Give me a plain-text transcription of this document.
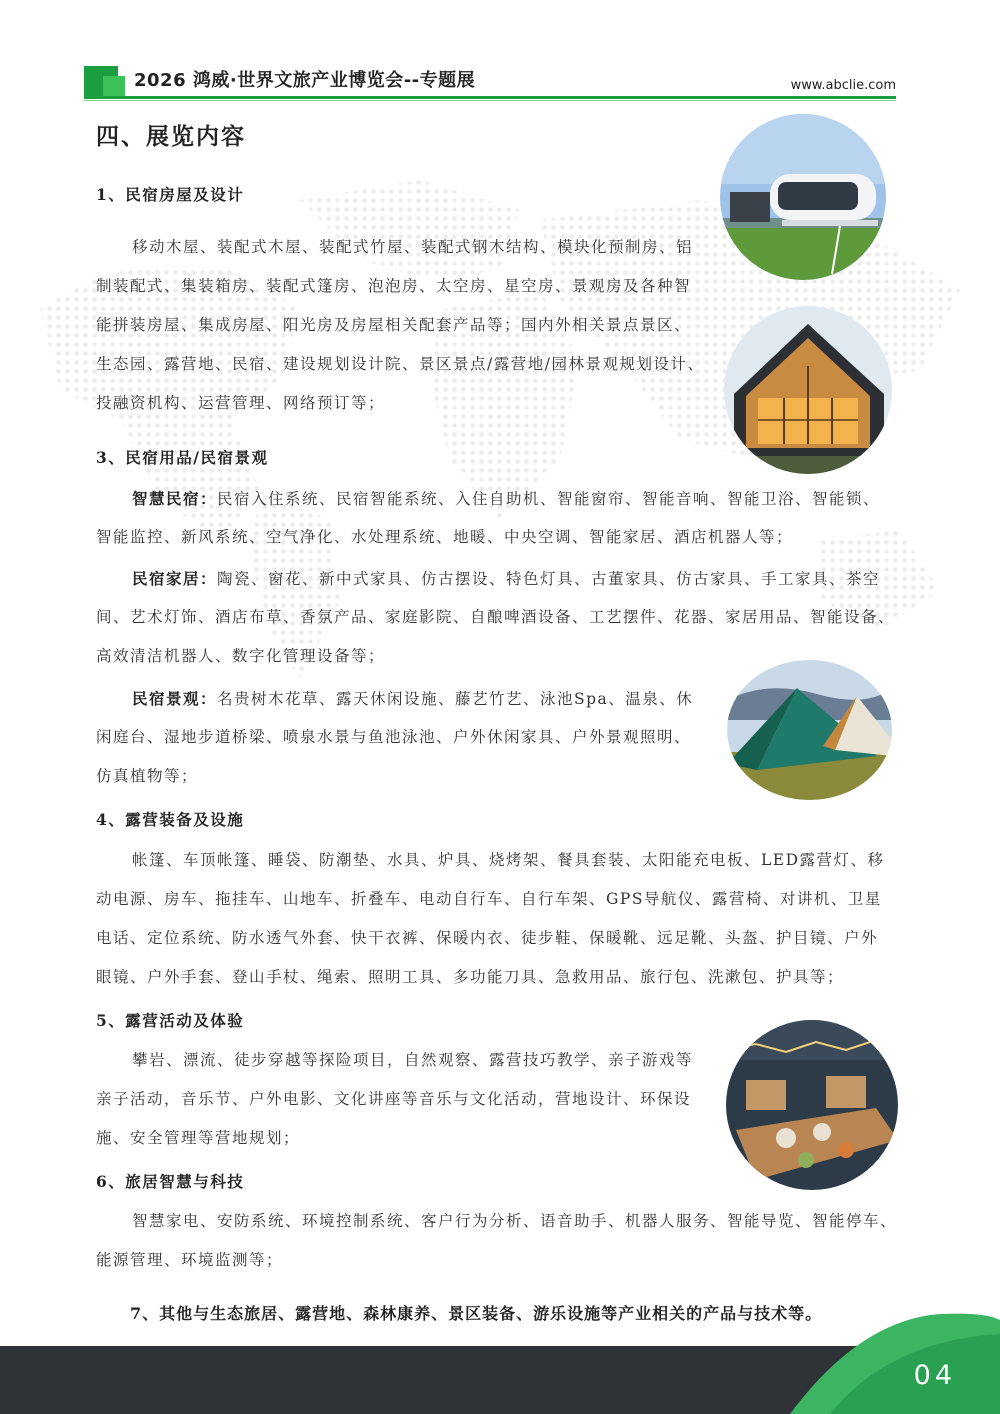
2026 鸿威·世界文旅产业博览会--专题展	www.abclie.com
四、展览内容
1、民宿房屋及设计
移动木屋、装配式木屋、装配式竹屋、装配式钢木结构、模块化预制房、铝
制装配式、集装箱房、装配式篷房、泡泡房、太空房、星空房、景观房及各种智
能拼装房屋、集成房屋、阳光房及房屋相关配套产品等；国内外相关景点景区、
生态园、露营地、民宿、建设规划设计院、景区景点/露营地/园林景观规划设计、
投融资机构、运营管理、网络预订等；
3、民宿用品/民宿景观
智慧民宿：民宿入住系统、民宿智能系统、入住自助机、智能窗帘、智能音响、智能卫浴、智能锁、
智能监控、新风系统、空气净化、水处理系统、地暖、中央空调、智能家居、酒店机器人等；
民宿家居：陶瓷、窗花、新中式家具、仿古摆设、特色灯具、古董家具、仿古家具、手工家具、茶空
间、艺术灯饰、酒店布草、香氛产品、家庭影院、自酿啤酒设备、工艺摆件、花器、家居用品、智能设备、
高效清洁机器人、数字化管理设备等；
民宿景观：名贵树木花草、露天休闲设施、藤艺竹艺、泳池Spa、温泉、休
闲庭台、湿地步道桥梁、喷泉水景与鱼池泳池、户外休闲家具、户外景观照明、
仿真植物等；
4、露营装备及设施
帐篷、车顶帐篷、睡袋、防潮垫、水具、炉具、烧烤架、餐具套装、太阳能充电板、LED露营灯、移
动电源、房车、拖挂车、山地车、折叠车、电动自行车、自行车架、GPS导航仪、露营椅、对讲机、卫星
电话、定位系统、防水透气外套、快干衣裤、保暖内衣、徒步鞋、保暖靴、远足靴、头盔、护目镜、户外
眼镜、户外手套、登山手杖、绳索、照明工具、多功能刀具、急救用品、旅行包、洗漱包、护具等；
5、露营活动及体验
攀岩、漂流、徒步穿越等探险项目，自然观察、露营技巧教学、亲子游戏等
亲子活动，音乐节、户外电影、文化讲座等音乐与文化活动，营地设计、环保设
施、安全管理等营地规划；
6、旅居智慧与科技
智慧家电、安防系统、环境控制系统、客户行为分析、语音助手、机器人服务、智能导览、智能停车、
能源管理、环境监测等；
7、其他与生态旅居、露营地、森林康养、景区装备、游乐设施等产业相关的产品与技术等。
04
